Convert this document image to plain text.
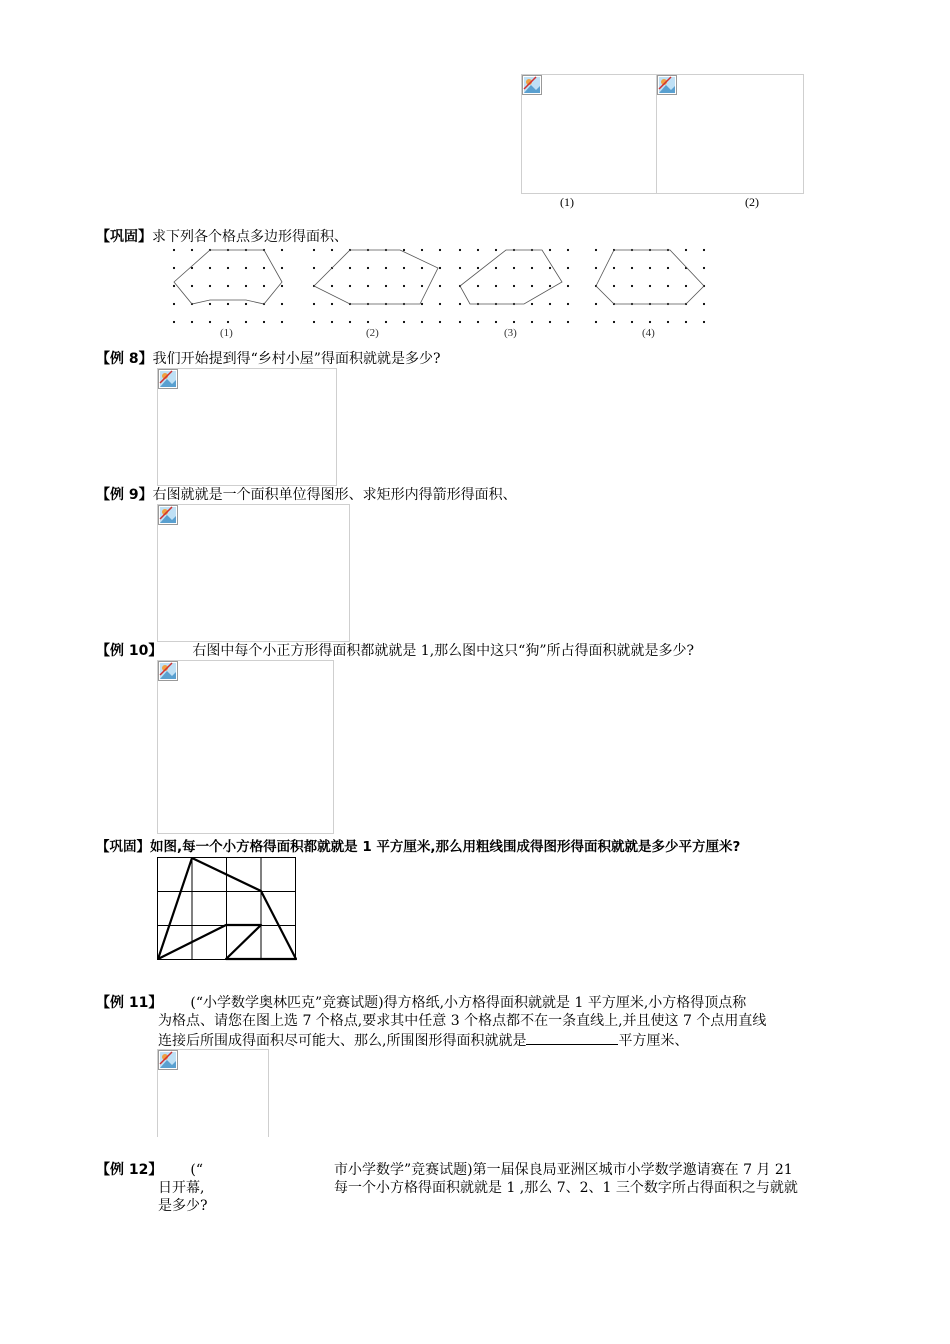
(1)	(2)
【巩固】求下列各个格点多边形得面积、
(1)	(2)	(3)	(4)
【例 8】我们开始提到得“乡村小屋”得面积就就是多少?
【例 9】右图就就是一个面积单位得图形、求矩形内得箭形得面积、
【例 10】 右图中每个小正方形得面积都就就是 1,那么图中这只“狗”所占得面积就就是多少?
【巩固】如图,每一个小方格得面积都就就是 1 平方厘米,那么用粗线围成得图形得面积就就是多少平方厘米?
【例 11】 (“小学数学奥林匹克”竞赛试题)得方格纸,小方格得面积就就是 1 平方厘米,小方格得顶点称
为格点、请您在图上选 7 个格点,要求其中任意 3 个格点都不在一条直线上,并且使这 7 个点用直线
连接后所围成得面积尽可能大、那么,所围图形得面积就就是	平方厘米、
【例 12】 (“	市小学数学”竞赛试题)第一届保良局亚洲区城市小学数学邀请赛在 7 月 21
日开幕,	每一个小方格得面积就就是 1 ,那么 7、2、1 三个数字所占得面积之与就就
是多少?
